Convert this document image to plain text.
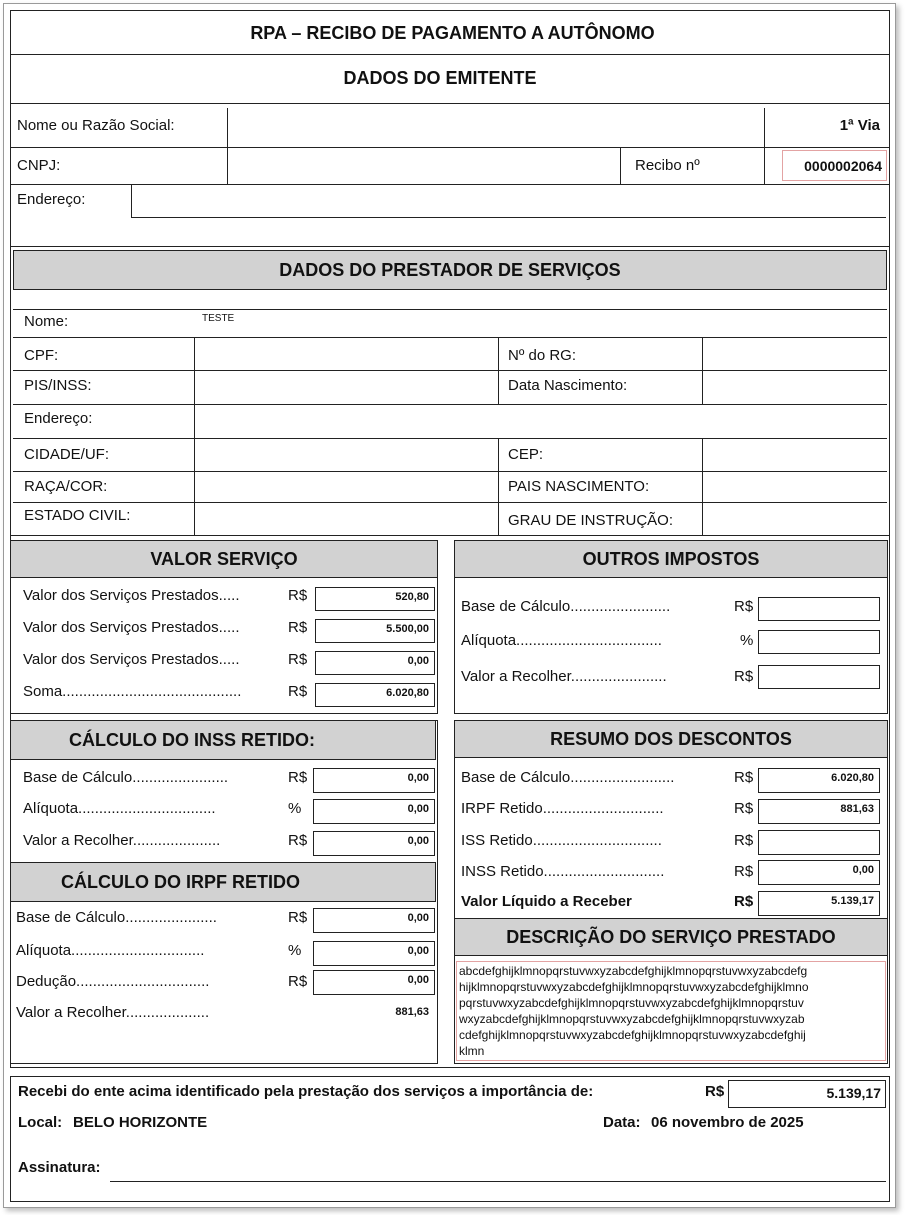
RPA – RECIBO DE PAGAMENTO A AUTÔNOMO
DADOS DO EMITENTE
Nome ou Razão Social:	1ª Via
CNPJ:	Recibo nº	0000002064
Endereço:
DADOS DO PRESTADOR DE SERVIÇOS
Nome:	TESTE
CPF:	Nº do RG:
PIS/INSS:	Data Nascimento:
Endereço:
CIDADE/UF:	CEP:
RAÇA/COR:	PAIS NASCIMENTO:
ESTADO CIVIL:	GRAU DE INSTRUÇÃO:
VALOR SERVIÇO
Valor dos Serviços Prestados.....	R$	520,80
Valor dos Serviços Prestados.....	R$	5.500,00
Valor dos Serviços Prestados.....	R$	0,00
Soma...........................................	R$	6.020,80
OUTROS IMPOSTOS
Base de Cálculo........................	R$
Alíquota...................................	%
Valor a Recolher.......................	R$
CÁLCULO DO INSS RETIDO:
Base de Cálculo.......................	R$	0,00
Alíquota.................................	%	0,00
Valor a Recolher.....................	R$	0,00
CÁLCULO DO IRPF RETIDO
Base de Cálculo......................	R$	0,00
Alíquota................................	%	0,00
Dedução................................	R$	0,00
Valor a Recolher....................	881,63
RESUMO DOS DESCONTOS
Base de Cálculo.........................	R$	6.020,80
IRPF Retido.............................	R$	881,63
ISS Retido...............................	R$
INSS Retido.............................	R$	0,00
Valor Líquido a Receber	R$	5.139,17
DESCRIÇÃO DO SERVIÇO PRESTADO
abcdefghijklmnopqrstuvwxyzabcdefghijklmnopqrstuvwxyzabcdefghijklmnopqrstuvwxyzabcdefghijklmnopqrstuvwxyzabcdefghijklmnopqrstuvwxyzabcdefghijklmnopqrstuvwxyzabcdefghijklmnopqrstuvwxyzabcdefghijklmnopqrstuvwxyzabcdefghijklmnopqrstuvwxyzabcdefghijklmnopqrstuvwxyzabcdefghijklmnopqrstuvwxyzabcdefghijklmn
Recebi do ente acima identificado pela prestação dos serviços a importância de:	R$	5.139,17
Local: BELO HORIZONTE	Data: 06 novembro de 2025
Assinatura:
